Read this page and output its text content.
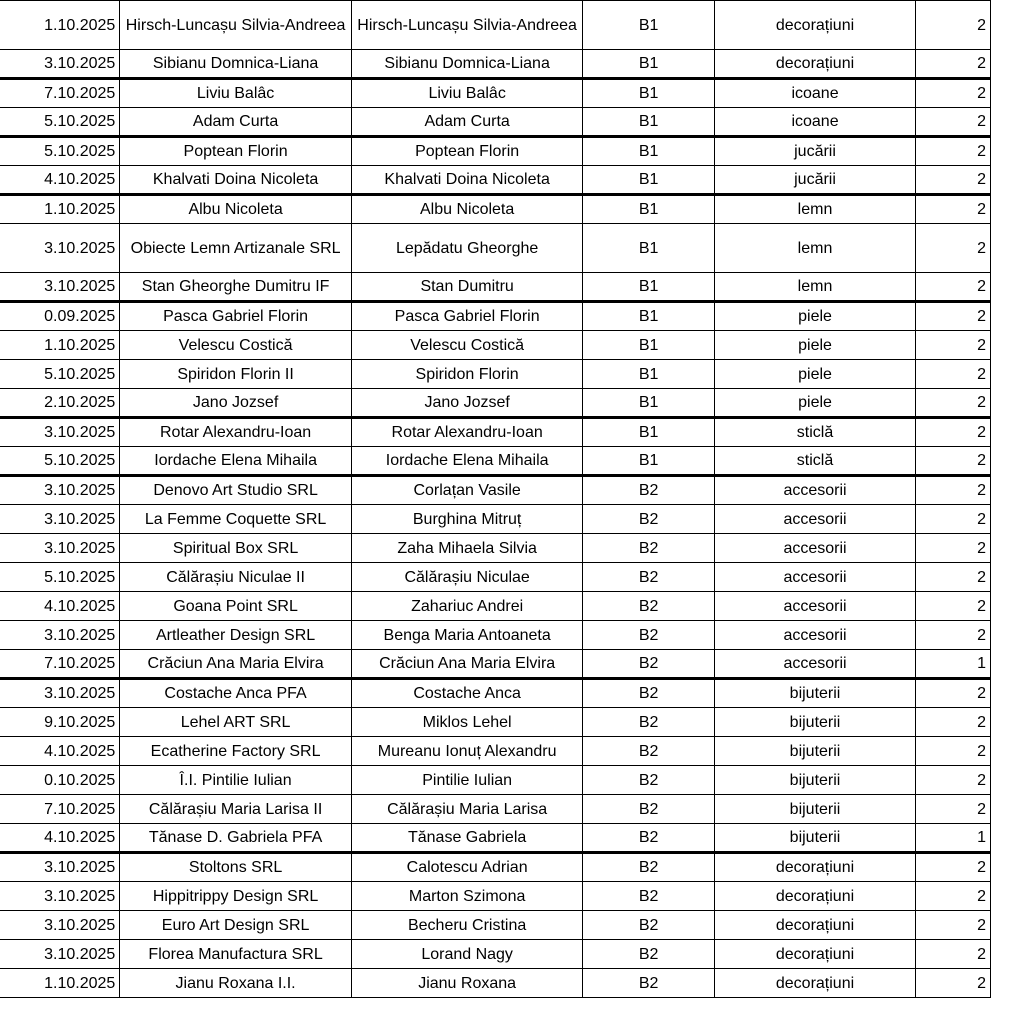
1.10.2025	Hirsch-Luncașu Silvia-Andreea	Hirsch-Luncașu Silvia-Andreea	B1	decorațiuni	2
3.10.2025	Sibianu Domnica-Liana	Sibianu Domnica-Liana	B1	decorațiuni	2
7.10.2025	Liviu Balâc	Liviu Balâc	B1	icoane	2
5.10.2025	Adam Curta	Adam Curta	B1	icoane	2
5.10.2025	Poptean Florin	Poptean Florin	B1	jucării	2
4.10.2025	Khalvati Doina Nicoleta	Khalvati Doina Nicoleta	B1	jucării	2
1.10.2025	Albu Nicoleta	Albu Nicoleta	B1	lemn	2
3.10.2025	Obiecte Lemn Artizanale SRL	Lepădatu Gheorghe	B1	lemn	2
3.10.2025	Stan Gheorghe Dumitru IF	Stan Dumitru	B1	lemn	2
0.09.2025	Pasca Gabriel Florin	Pasca Gabriel Florin	B1	piele	2
1.10.2025	Velescu Costică	Velescu Costică	B1	piele	2
5.10.2025	Spiridon Florin II	Spiridon Florin	B1	piele	2
2.10.2025	Jano Jozsef	Jano Jozsef	B1	piele	2
3.10.2025	Rotar Alexandru-Ioan	Rotar Alexandru-Ioan	B1	sticlă	2
5.10.2025	Iordache Elena Mihaila	Iordache Elena Mihaila	B1	sticlă	2
3.10.2025	Denovo Art Studio SRL	Corlațan Vasile	B2	accesorii	2
3.10.2025	La Femme Coquette SRL	Burghina Mitruț	B2	accesorii	2
3.10.2025	Spiritual Box SRL	Zaha Mihaela Silvia	B2	accesorii	2
5.10.2025	Călărașiu Niculae II	Călărașiu Niculae	B2	accesorii	2
4.10.2025	Goana Point SRL	Zahariuc Andrei	B2	accesorii	2
3.10.2025	Artleather Design SRL	Benga Maria Antoaneta	B2	accesorii	2
7.10.2025	Crăciun Ana Maria Elvira	Crăciun Ana Maria Elvira	B2	accesorii	1
3.10.2025	Costache Anca PFA	Costache Anca	B2	bijuterii	2
9.10.2025	Lehel ART SRL	Miklos Lehel	B2	bijuterii	2
4.10.2025	Ecatherine Factory SRL	Mureanu Ionuț Alexandru	B2	bijuterii	2
0.10.2025	Î.I. Pintilie Iulian	Pintilie Iulian	B2	bijuterii	2
7.10.2025	Călărașiu Maria Larisa II	Călărașiu Maria Larisa	B2	bijuterii	2
4.10.2025	Tănase D. Gabriela PFA	Tănase Gabriela	B2	bijuterii	1
3.10.2025	Stoltons SRL	Calotescu Adrian	B2	decorațiuni	2
3.10.2025	Hippitrippy Design SRL	Marton Szimona	B2	decorațiuni	2
3.10.2025	Euro Art Design SRL	Becheru Cristina	B2	decorațiuni	2
3.10.2025	Florea Manufactura SRL	Lorand Nagy	B2	decorațiuni	2
1.10.2025	Jianu Roxana I.I.	Jianu Roxana	B2	decorațiuni	2
